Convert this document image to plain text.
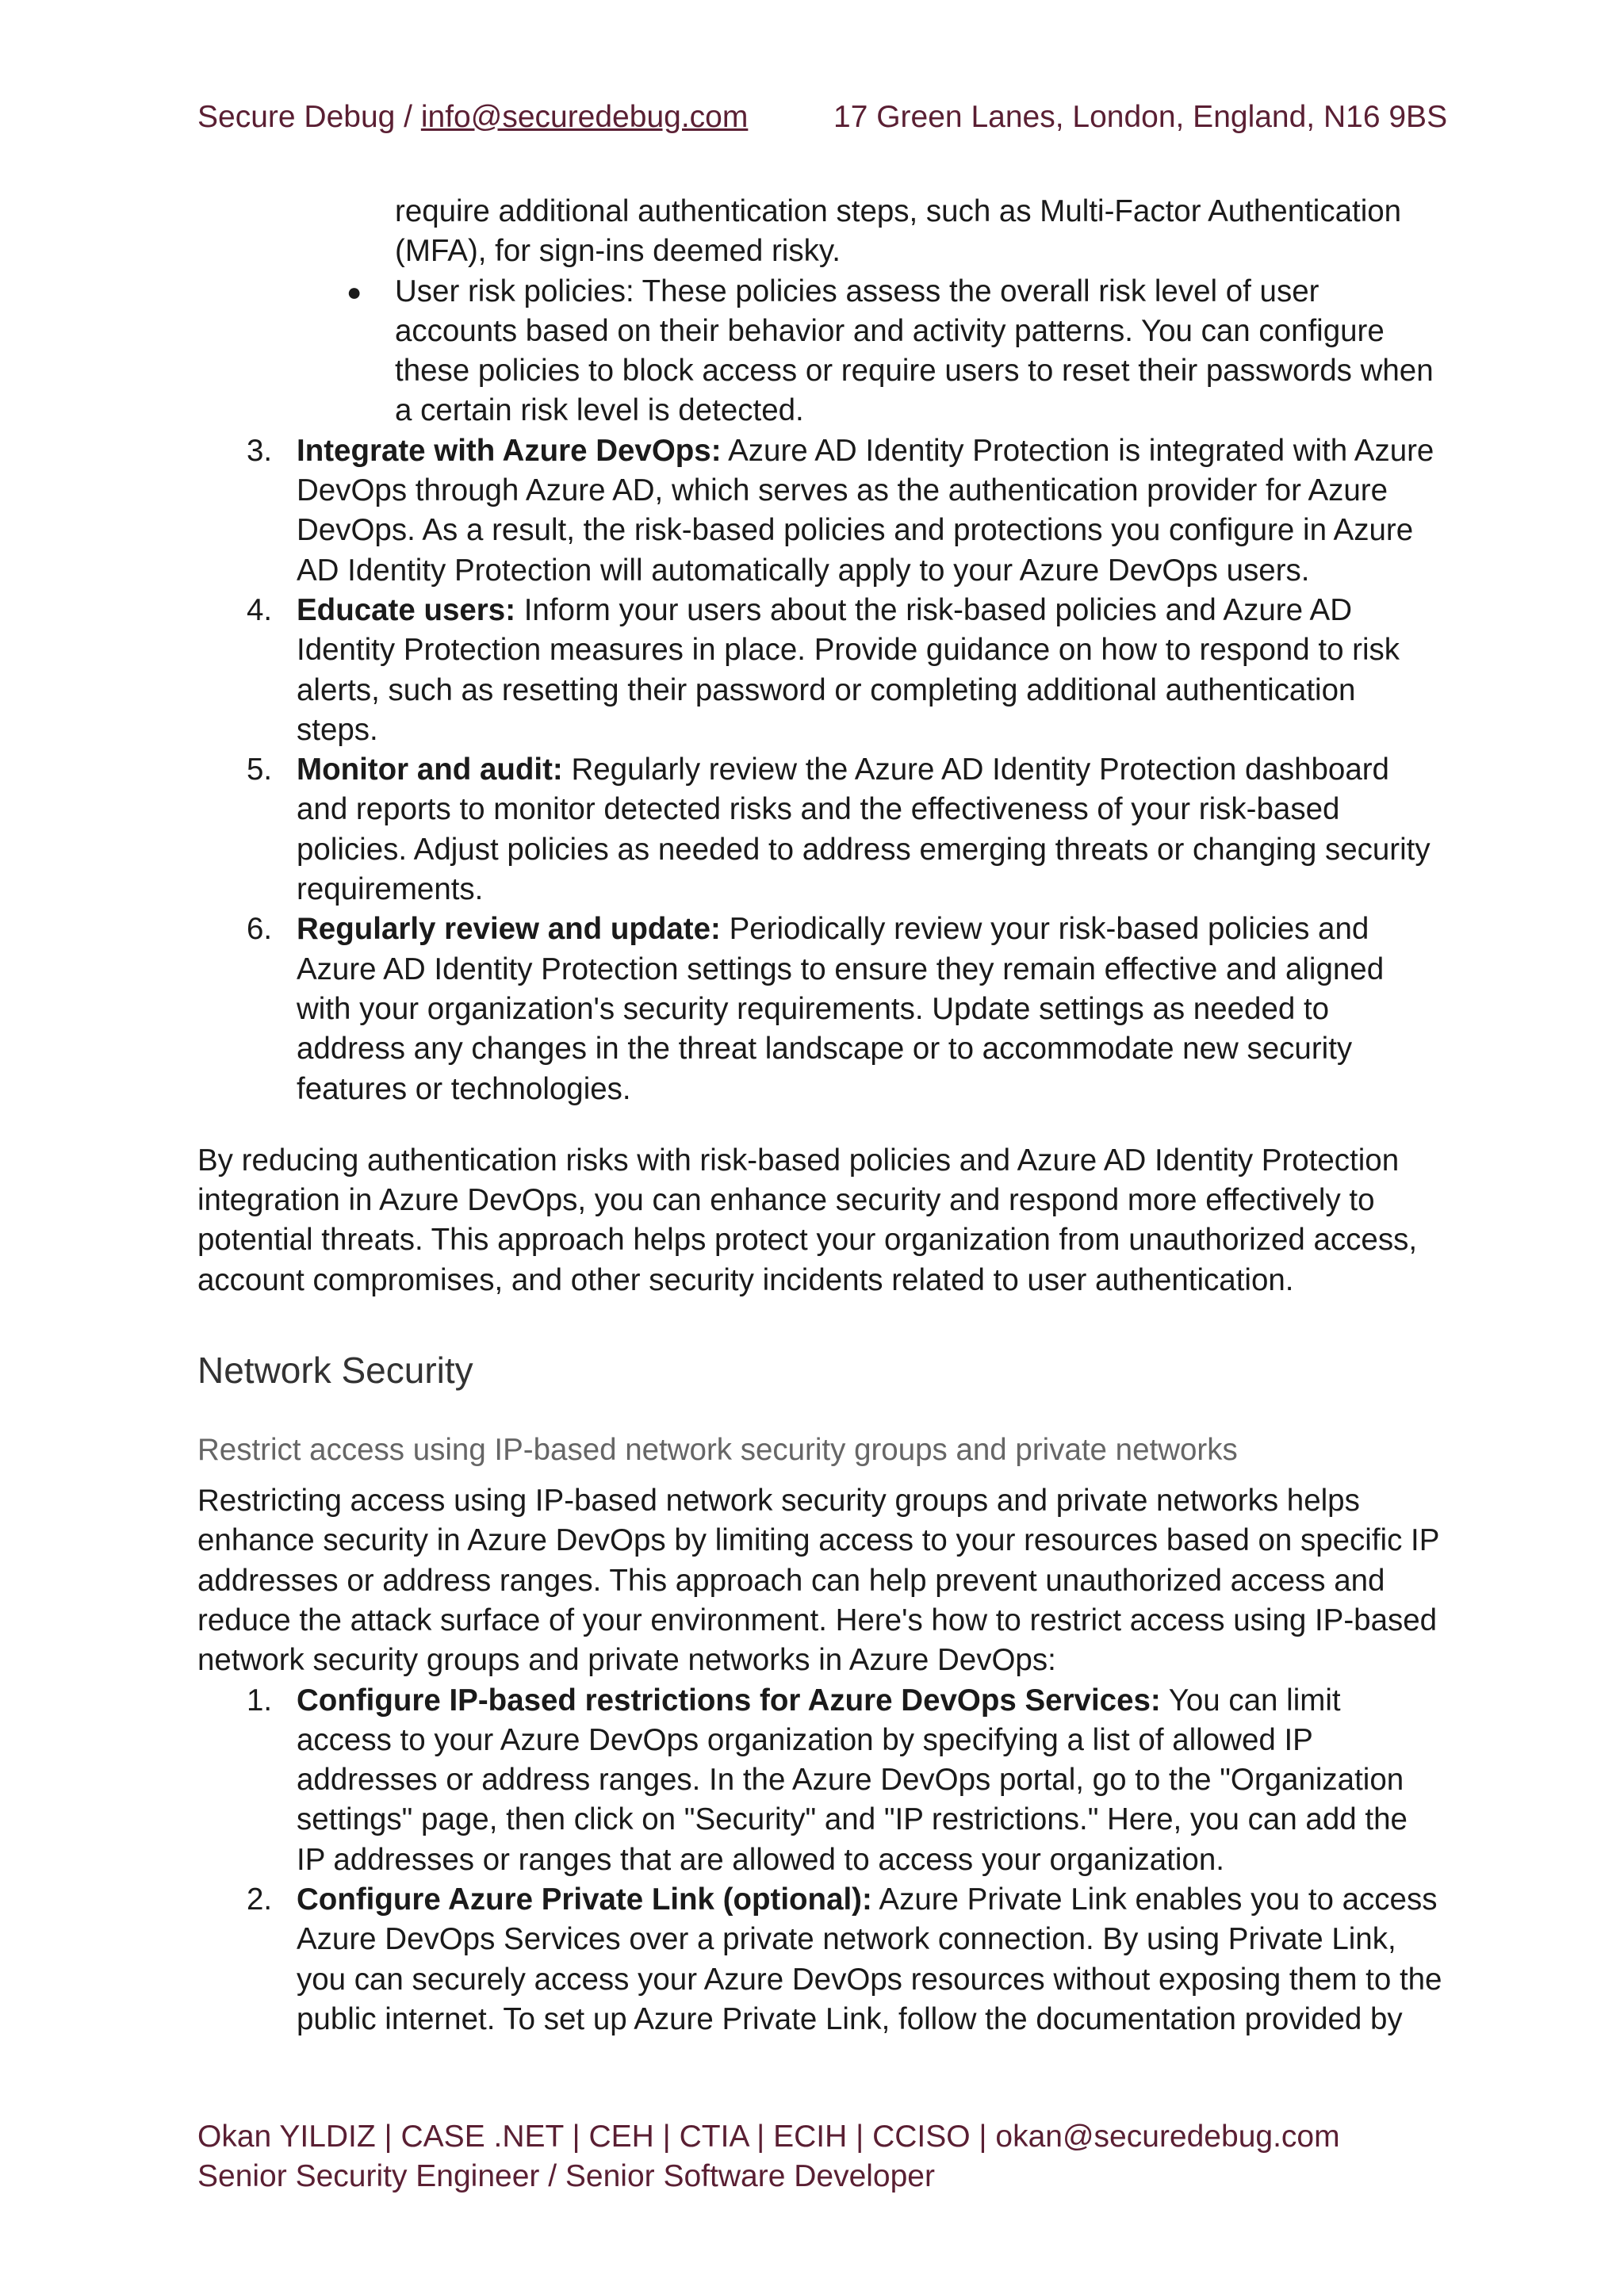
Secure Debug / info@securedebug.com	17 Green Lanes, London, England, N16 9BS
require additional authentication steps, such as Multi-Factor Authentication (MFA), for sign-ins deemed risky.
● User risk policies: These policies assess the overall risk level of user accounts based on their behavior and activity patterns. You can configure these policies to block access or require users to reset their passwords when a certain risk level is detected.
3. Integrate with Azure DevOps: Azure AD Identity Protection is integrated with Azure DevOps through Azure AD, which serves as the authentication provider for Azure DevOps. As a result, the risk-based policies and protections you configure in Azure AD Identity Protection will automatically apply to your Azure DevOps users.
4. Educate users: Inform your users about the risk-based policies and Azure AD Identity Protection measures in place. Provide guidance on how to respond to risk alerts, such as resetting their password or completing additional authentication steps.
5. Monitor and audit: Regularly review the Azure AD Identity Protection dashboard and reports to monitor detected risks and the effectiveness of your risk-based policies. Adjust policies as needed to address emerging threats or changing security requirements.
6. Regularly review and update: Periodically review your risk-based policies and Azure AD Identity Protection settings to ensure they remain effective and aligned with your organization's security requirements. Update settings as needed to address any changes in the threat landscape or to accommodate new security features or technologies.

By reducing authentication risks with risk-based policies and Azure AD Identity Protection integration in Azure DevOps, you can enhance security and respond more effectively to potential threats. This approach helps protect your organization from unauthorized access, account compromises, and other security incidents related to user authentication.

Network Security
Restrict access using IP-based network security groups and private networks
Restricting access using IP-based network security groups and private networks helps enhance security in Azure DevOps by limiting access to your resources based on specific IP addresses or address ranges. This approach can help prevent unauthorized access and reduce the attack surface of your environment. Here's how to restrict access using IP-based network security groups and private networks in Azure DevOps:
1. Configure IP-based restrictions for Azure DevOps Services: You can limit access to your Azure DevOps organization by specifying a list of allowed IP addresses or address ranges. In the Azure DevOps portal, go to the "Organization settings" page, then click on "Security" and "IP restrictions." Here, you can add the IP addresses or ranges that are allowed to access your organization.
2. Configure Azure Private Link (optional): Azure Private Link enables you to access Azure DevOps Services over a private network connection. By using Private Link, you can securely access your Azure DevOps resources without exposing them to the public internet. To set up Azure Private Link, follow the documentation provided by
Okan YILDIZ | CASE .NET | CEH | CTIA | ECIH | CCISO | okan@securedebug.com
Senior Security Engineer / Senior Software Developer
